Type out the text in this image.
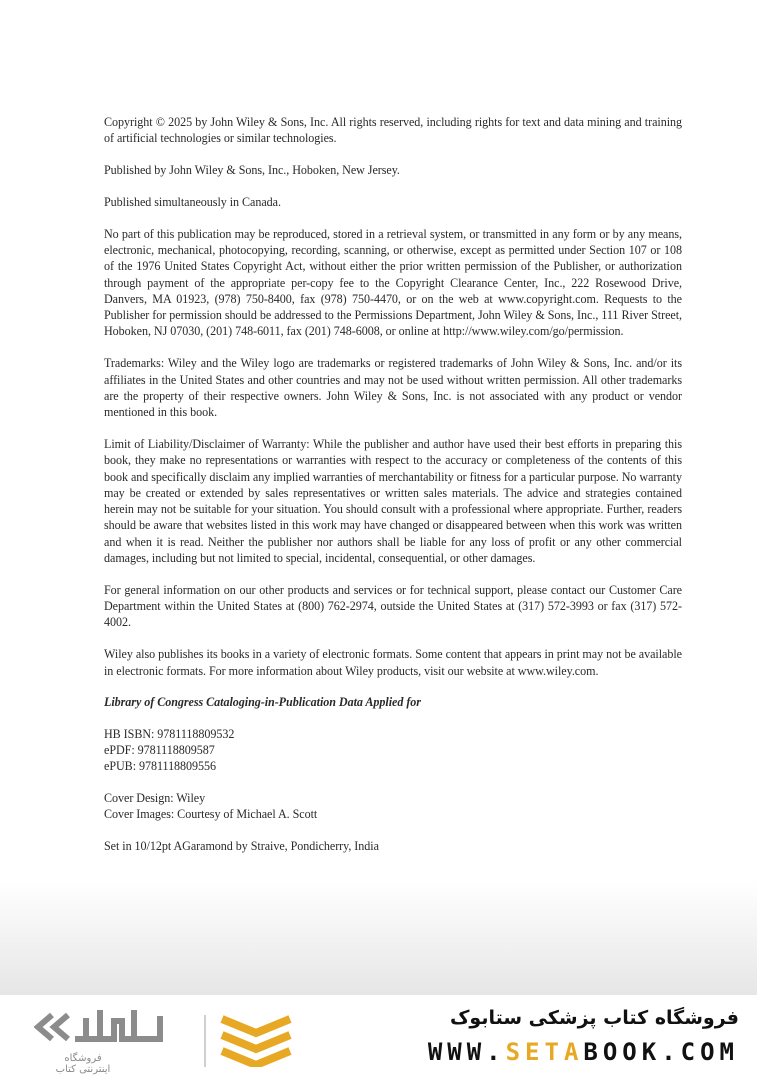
Copyright © 2025 by John Wiley & Sons, Inc. All rights reserved, including rights for text and data mining and training of artificial technologies or similar technologies.

Published by John Wiley & Sons, Inc., Hoboken, New Jersey.

Published simultaneously in Canada.

No part of this publication may be reproduced, stored in a retrieval system, or transmitted in any form or by any means, electronic, mechanical, photocopying, recording, scanning, or otherwise, except as permitted under Section 107 or 108 of the 1976 United States Copyright Act, without either the prior written permission of the Publisher, or authorization through payment of the appropriate per-copy fee to the Copyright Clearance Center, Inc., 222 Rosewood Drive, Danvers, MA 01923, (978) 750-8400, fax (978) 750-4470, or on the web at www.copyright.com. Requests to the Publisher for permission should be addressed to the Permissions Department, John Wiley & Sons, Inc., 111 River Street, Hoboken, NJ 07030, (201) 748-6011, fax (201) 748-6008, or online at http://www.wiley.com/go/permission.

Trademarks: Wiley and the Wiley logo are trademarks or registered trademarks of John Wiley & Sons, Inc. and/or its affiliates in the United States and other countries and may not be used without written permission. All other trademarks are the property of their respective owners. John Wiley & Sons, Inc. is not associated with any product or vendor mentioned in this book.

Limit of Liability/Disclaimer of Warranty: While the publisher and author have used their best efforts in preparing this book, they make no representations or warranties with respect to the accuracy or completeness of the contents of this book and specifically disclaim any implied warranties of merchantability or fitness for a particular purpose. No warranty may be created or extended by sales representatives or written sales materials. The advice and strategies contained herein may not be suitable for your situation. You should consult with a professional where appropriate. Further, readers should be aware that websites listed in this work may have changed or disappeared between when this work was written and when it is read. Neither the publisher nor authors shall be liable for any loss of profit or any other commercial damages, including but not limited to special, incidental, consequential, or other damages.

For general information on our other products and services or for technical support, please contact our Customer Care Department within the United States at (800) 762-2974, outside the United States at (317) 572-3993 or fax (317) 572-4002.

Wiley also publishes its books in a variety of electronic formats. Some content that appears in print may not be available in electronic formats. For more information about Wiley products, visit our website at www.wiley.com.

Library of Congress Cataloging-in-Publication Data Applied for

HB ISBN: 9781118809532
ePDF: 9781118809587
ePUB: 9781118809556
Cover Design: Wiley
Cover Images: Courtesy of Michael A. Scott
Set in 10/12pt AGaramond by Straive, Pondicherry, India
فروشگاه اینترنتی کتاب
فروشگاه کتاب پزشکی ستابوک
WWW.SETABOOK.COM
